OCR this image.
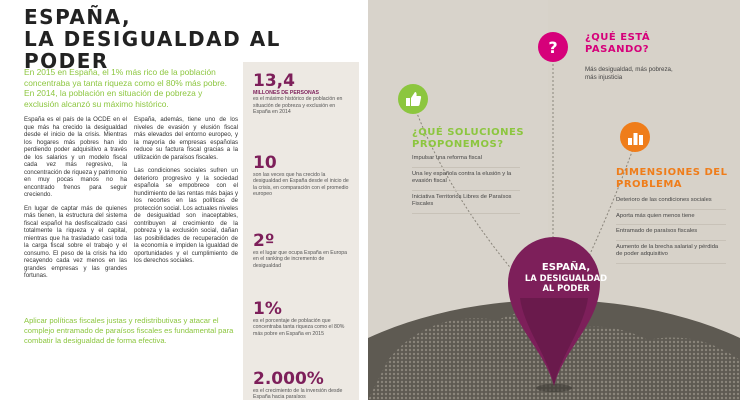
ESPAÑA,
LA DESIGUALDAD AL PODER

En 2015 en España, el 1% más rico de la población concentraba ya tanta riqueza como el 80% más pobre. En 2014, la población en situación de pobreza y exclusión alcanzó su máximo histórico.

España es el país de la OCDE en el que más ha crecido la desigualdad desde el inicio de la crisis. Mientras los hogares más pobres han ido perdiendo poder adquisitivo a través de los salarios y un modelo fiscal cada vez más regresivo, la concentración de riqueza y patrimonio en muy pocas manos no ha encontrado frenos para seguir creciendo.

En lugar de captar más de quienes más tienen, la estructura del sistema fiscal español ha desfiscalizado casi totalmente la riqueza y el capital, mientras que ha trasladado casi toda la carga fiscal sobre el trabajo y el consumo. El peso de la crisis ha ido recayendo cada vez menos en las grandes empresas y las grandes fortunas.

España, además, tiene uno de los niveles de evasión y elusión fiscal más elevados del entorno europeo, y la mayoría de empresas españolas reduce su factura fiscal gracias a la utilización de paraísos fiscales.

Las condiciones sociales sufren un deterioro progresivo y la sociedad española se empobrece con el hundimiento de las rentas más bajas y los recortes en las políticas de protección social. Los actuales niveles de desigualdad son inaceptables, contribuyen al crecimiento de la pobreza y la exclusión social, dañan las posibilidades de recuperación de la economía e impiden la igualdad de oportunidades y el cumplimiento de los derechos sociales.

Aplicar políticas fiscales justas y redistributivas y atacar el complejo entramado de paraísos fiscales es fundamental para combatir la desigualdad de forma efectiva.

13,4
MILLONES DE PERSONAS
es el máximo histórico de población en situación de pobreza y exclusión en España en 2014
10
son las veces que ha crecido la desigualdad en España desde el inicio de la crisis, en comparación con el promedio europeo
2º
es el lugar que ocupa España en Europa en el ranking de incremento de desigualdad
1%
es el porcentaje de población que concentraba tanta riqueza como el 80% más pobre en España en 2015
2.000%
es el crecimiento de la inversión desde España hacia paraísos
?
¿QUÉ ESTÁ
PASANDO?
Más desigualdad, más pobreza,
más injusticia
¿QUÉ SOLUCIONES
PROPONEMOS?
Impulsar una reforma fiscal
Una ley española contra la elusión y la evasión fiscal
Iniciativa Territorios Libres de Paraísos Fiscales
DIMENSIONES DEL
PROBLEMA
Deterioro de las condiciones sociales
Aporta más quien menos tiene
Entramado de paraísos fiscales
Aumento de la brecha salarial y pérdida de poder adquisitivo
ESPAÑA,
LA DESIGUALDAD
AL PODER
